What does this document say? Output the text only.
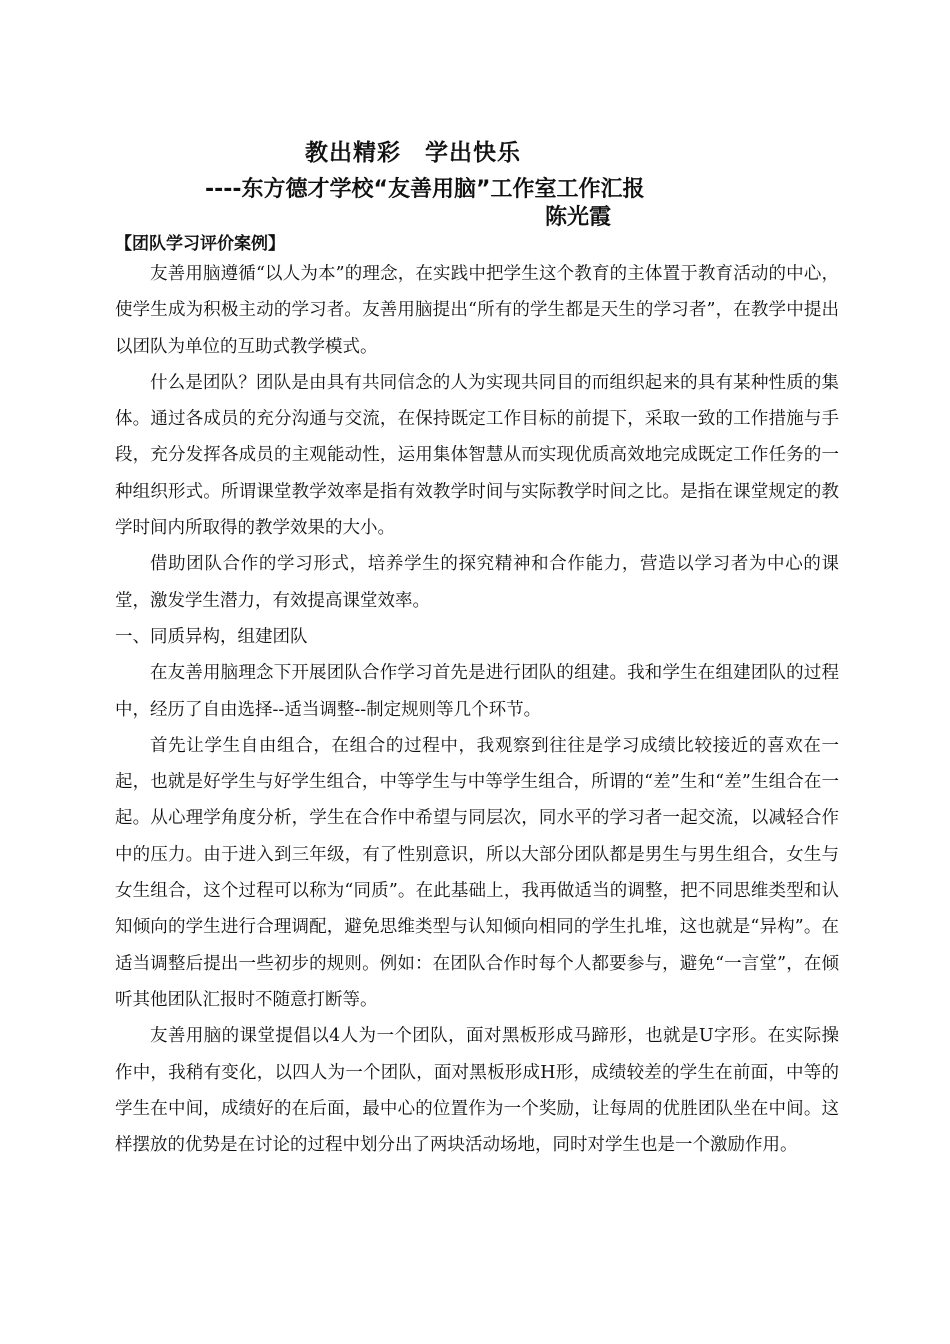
教出精彩　学出快乐
----东方德才学校“友善用脑”工作室工作汇报
陈光霞
【团队学习评价案例】

友善用脑遵循“以人为本”的理念，在实践中把学生这个教育的主体置于教育活动的中心，使学生成为积极主动的学习者。友善用脑提出“所有的学生都是天生的学习者”，在教学中提出以团队为单位的互助式教学模式。

什么是团队？团队是由具有共同信念的人为实现共同目的而组织起来的具有某种性质的集体。通过各成员的充分沟通与交流，在保持既定工作目标的前提下，采取一致的工作措施与手段，充分发挥各成员的主观能动性，运用集体智慧从而实现优质高效地完成既定工作任务的一种组织形式。所谓课堂教学效率是指有效教学时间与实际教学时间之比。是指在课堂规定的教学时间内所取得的教学效果的大小。

借助团队合作的学习形式，培养学生的探究精神和合作能力，营造以学习者为中心的课堂，激发学生潜力，有效提高课堂效率。

一、同质异构，组建团队

在友善用脑理念下开展团队合作学习首先是进行团队的组建。我和学生在组建团队的过程中，经历了自由选择--适当调整--制定规则等几个环节。

首先让学生自由组合，在组合的过程中，我观察到往往是学习成绩比较接近的喜欢在一起，也就是好学生与好学生组合，中等学生与中等学生组合，所谓的“差”生和“差”生组合在一起。从心理学角度分析，学生在合作中希望与同层次，同水平的学习者一起交流，以减轻合作中的压力。由于进入到三年级，有了性别意识，所以大部分团队都是男生与男生组合，女生与女生组合，这个过程可以称为“同质”。在此基础上，我再做适当的调整，把不同思维类型和认知倾向的学生进行合理调配，避免思维类型与认知倾向相同的学生扎堆，这也就是“异构”。在适当调整后提出一些初步的规则。例如：在团队合作时每个人都要参与，避免“一言堂”，在倾听其他团队汇报时不随意打断等。

友善用脑的课堂提倡以4人为一个团队，面对黑板形成马蹄形，也就是U字形。在实际操作中，我稍有变化，以四人为一个团队，面对黑板形成H形，成绩较差的学生在前面，中等的学生在中间，成绩好的在后面，最中心的位置作为一个奖励，让每周的优胜团队坐在中间。这样摆放的优势是在讨论的过程中划分出了两块活动场地，同时对学生也是一个激励作用。
